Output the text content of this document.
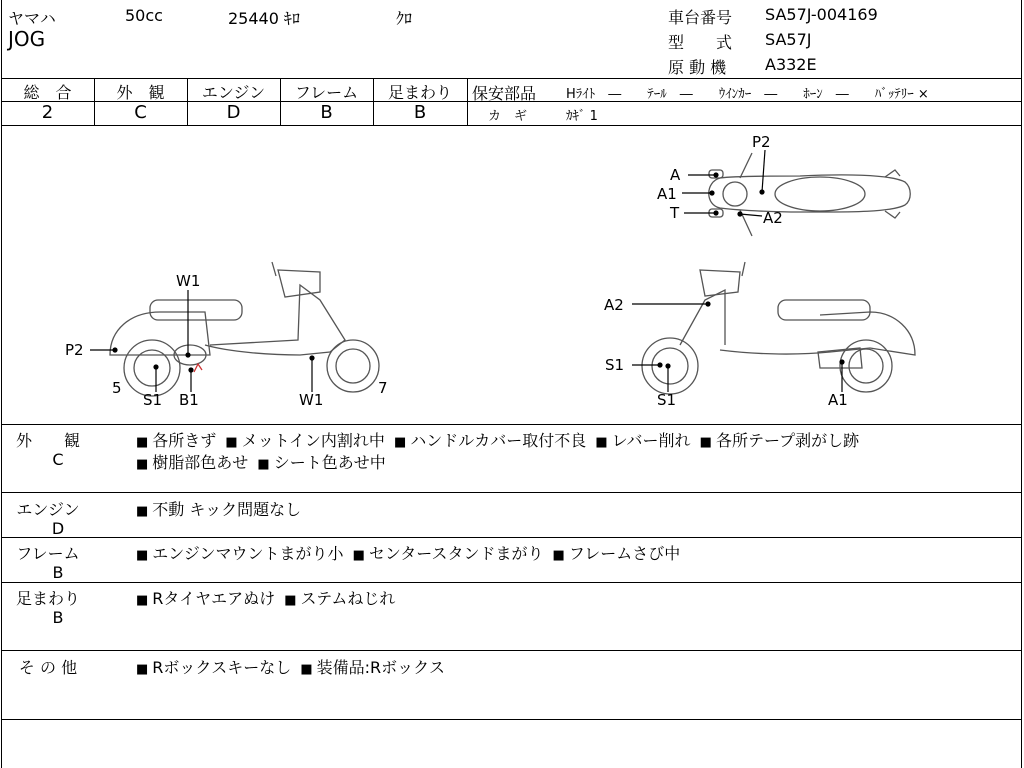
ヤマハ	50cc	25440 ｷﾛ	ｸﾛ
JOG
車台番号 SA57J-004169
型　　式 SA57J
原 動 機 A332E
総　合	外　観	エンジン	フレーム	足まわり
2	C	D	B	B
保安部品 Hﾗｲﾄ　―　　ﾃｰﾙ　―　　ｳｲﾝｶｰ　―　　ﾎｰﾝ　―　　ﾊﾞｯﾃﾘｰ ×
カ　ギ	ｶｷﾞ 1
P2
A
A1
T	A2
W1
P2
5
S1 B1	W1
7
A2
S1
S1	A1
外　　観
C
■ 各所きず ■ メットイン内割れ中 ■ ハンドルカバー取付不良 ■ レバー削れ ■ 各所テープ剥がし跡
■ 樹脂部色あせ ■ シート色あせ中
エンジン
D
■ 不動 キック問題なし
フレーム
B
■ エンジンマウントまがり小 ■ センタースタンドまがり ■ フレームさび中
足まわり
B
■ Rタイヤエアぬけ ■ ステムねじれ
そ の 他	■ Rボックスキーなし ■ 装備品:Rボックス
